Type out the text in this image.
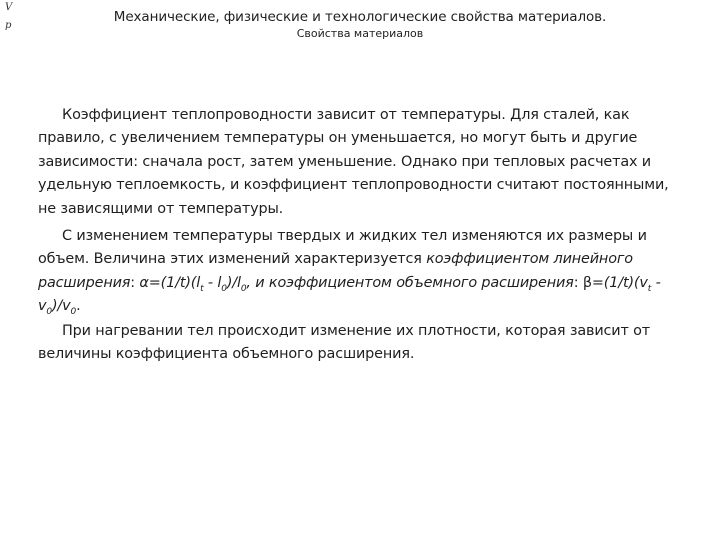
V
p
Механические, физические и технологические свойства материалов.
Свойства материалов

Коэффициент теплопроводности зависит от температуры. Для сталей, как правило, с увеличением температуры он уменьшается, но могут быть и другие зависимости: сначала рост, затем уменьшение. Однако при тепловых расчетах и удельную теплоемкость, и коэффициент теплопроводности считают постоянными, не зависящими от температуры.

С изменением температуры твердых и жидких тел изменяются их размеры и объем. Величина этих изменений характеризуется коэффициентом линейного расширения: $\alpha=(1/t)(l_t - l_0)/l_0$, и коэффициентом объемного расширения: $\beta=(1/t)(v_t - v_0)/v_0$.

При нагревании тел происходит изменение их плотности, которая зависит от величины коэффициента объемного расширения.
